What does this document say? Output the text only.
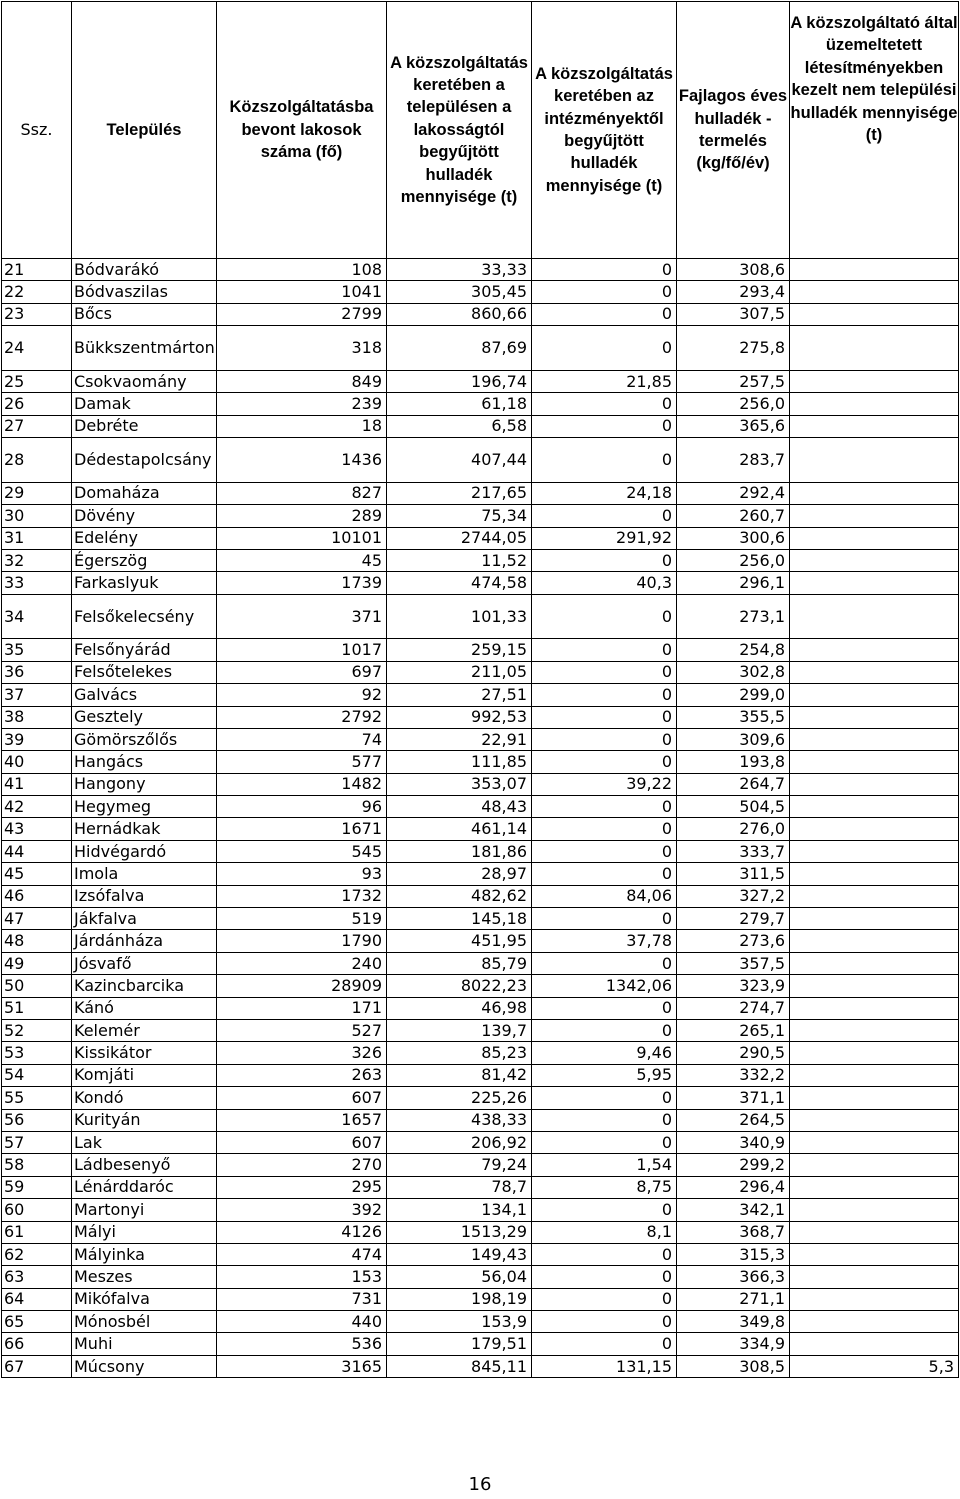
Ssz.	Település	Közszolgáltatásba bevont lakosok száma (fő)	A közszolgáltatás keretében a településen a lakosságtól begyűjtött hulladék mennyisége (t)	A közszolgáltatás keretében az intézményektől begyűjtött hulladék mennyisége (t)	Fajlagos éves hulladék - termelés (kg/fő/év)	A közszolgáltató által üzemeltetett létesítményekben kezelt nem települési hulladék mennyisége (t)
21	Bódvarákó	108	33,33	0	308,6	
22	Bódvaszilas	1041	305,45	0	293,4	
23	Bőcs	2799	860,66	0	307,5	
24	Bükkszentmárton	318	87,69	0	275,8	
25	Csokvaomány	849	196,74	21,85	257,5	
26	Damak	239	61,18	0	256,0	
27	Debréte	18	6,58	0	365,6	
28	Dédestapolcsány	1436	407,44	0	283,7	
29	Domaháza	827	217,65	24,18	292,4	
30	Dövény	289	75,34	0	260,7	
31	Edelény	10101	2744,05	291,92	300,6	
32	Égerszög	45	11,52	0	256,0	
33	Farkaslyuk	1739	474,58	40,3	296,1	
34	Felsőkelecsény	371	101,33	0	273,1	
35	Felsőnyárád	1017	259,15	0	254,8	
36	Felsőtelekes	697	211,05	0	302,8	
37	Galvács	92	27,51	0	299,0	
38	Gesztely	2792	992,53	0	355,5	
39	Gömörszőlős	74	22,91	0	309,6	
40	Hangács	577	111,85	0	193,8	
41	Hangony	1482	353,07	39,22	264,7	
42	Hegymeg	96	48,43	0	504,5	
43	Hernádkak	1671	461,14	0	276,0	
44	Hidvégardó	545	181,86	0	333,7	
45	Imola	93	28,97	0	311,5	
46	Izsófalva	1732	482,62	84,06	327,2	
47	Jákfalva	519	145,18	0	279,7	
48	Járdánháza	1790	451,95	37,78	273,6	
49	Jósvafő	240	85,79	0	357,5	
50	Kazincbarcika	28909	8022,23	1342,06	323,9	
51	Kánó	171	46,98	0	274,7	
52	Kelemér	527	139,7	0	265,1	
53	Kissikátor	326	85,23	9,46	290,5	
54	Komjáti	263	81,42	5,95	332,2	
55	Kondó	607	225,26	0	371,1	
56	Kurityán	1657	438,33	0	264,5	
57	Lak	607	206,92	0	340,9	
58	Ládbesenyő	270	79,24	1,54	299,2	
59	Lénárddaróc	295	78,7	8,75	296,4	
60	Martonyi	392	134,1	0	342,1	
61	Mályi	4126	1513,29	8,1	368,7	
62	Mályinka	474	149,43	0	315,3	
63	Meszes	153	56,04	0	366,3	
64	Mikófalva	731	198,19	0	271,1	
65	Mónosbél	440	153,9	0	349,8	
66	Muhi	536	179,51	0	334,9	
67	Múcsony	3165	845,11	131,15	308,5	5,3
16
